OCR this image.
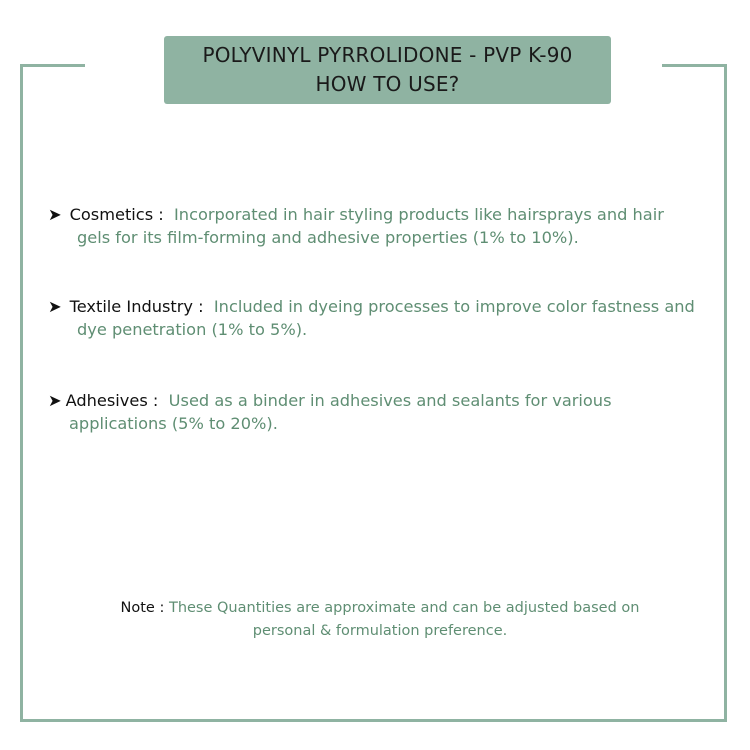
POLYVINYL PYRROLIDONE - PVP K-90
HOW TO USE?
➤ Cosmetics : Incorporated in hair styling products like hairsprays and hair
gels for its film-forming and adhesive properties (1% to 10%).
➤ Textile Industry : Included in dyeing processes to improve color fastness and
dye penetration (1% to 5%).
➤ Adhesives : Used as a binder in adhesives and sealants for various
applications (5% to 20%).
Note : These Quantities are approximate and can be adjusted based on
personal & formulation preference.
